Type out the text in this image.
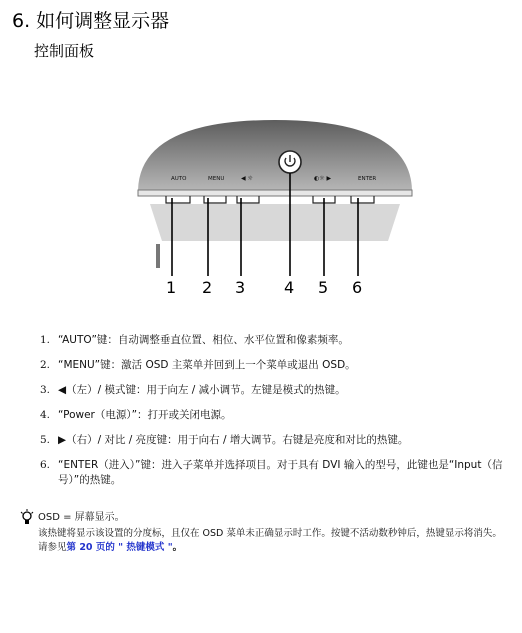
6. 如何调整显示器
控制面板
AUTO	MENU	◀ ☼	◐☼ ▶	ENTER
1 2 3 4 5 6
1. “AUTO”键：自动调整垂直位置、相位、水平位置和像素频率。
2. “MENU”键：激活 OSD 主菜单并回到上一个菜单或退出 OSD。
3. ◀（左）/ 模式键：用于向左 / 减小调节。左键是模式的热键。
4. “Power（电源）”：打开或关闭电源。
5. ▶（右）/ 对比 / 亮度键：用于向右 / 增大调节。右键是亮度和对比的热键。
6. “ENTER（进入）”键：进入子菜单并选择项目。对于具有 DVI 输入的型号，此键也是“Input（信号）”的热键。
OSD = 屏幕显示。
该热键将显示该设置的分度标，且仅在 OSD 菜单未正确显示时工作。按键不活动数秒钟后，热键显示将消失。请参见第 20 页的 " 热键模式 "。
